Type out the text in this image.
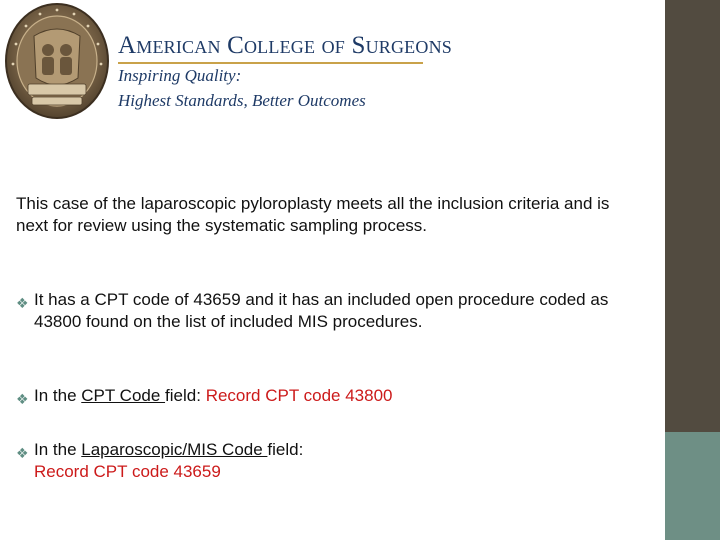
American College of Surgeons
Inspiring Quality:
Highest Standards, Better Outcomes
This case of the laparoscopic pyloroplasty meets all the inclusion criteria and is next for review using the systematic sampling process.
❖ It has a CPT code of 43659 and it has an included open procedure coded as 43800 found on the list of included MIS procedures.
❖ In the CPT Code field: Record CPT code 43800
❖ In the Laparoscopic/MIS Code field:
Record CPT code 43659
